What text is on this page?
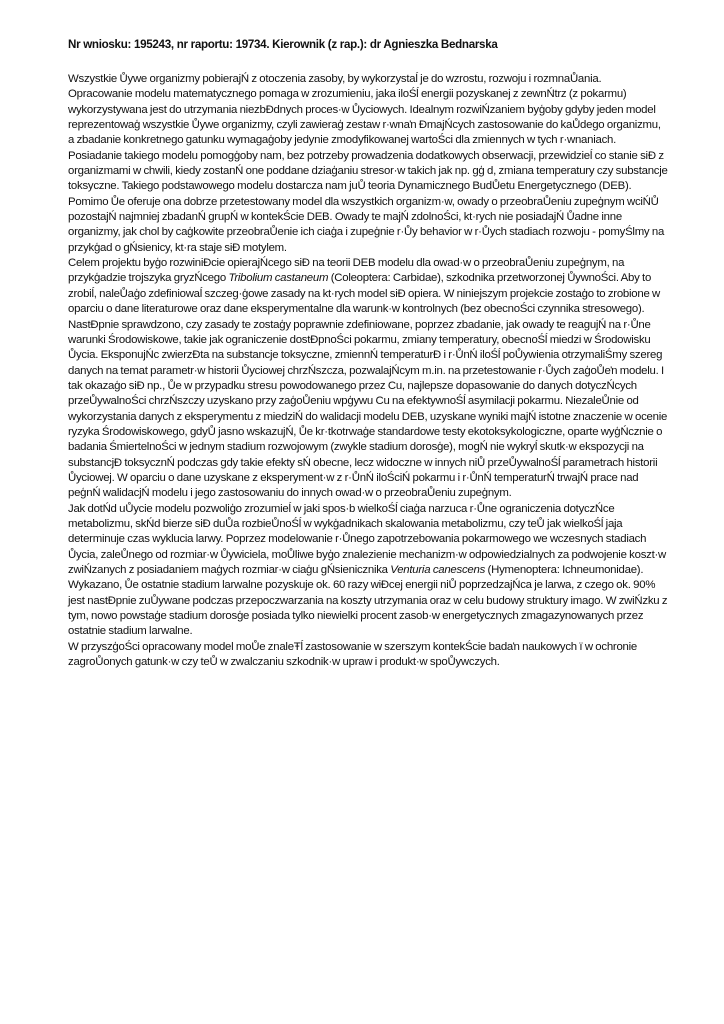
Nr wniosku: 195243, nr raportu: 19734. Kierownik (z rap.): dr Agnieszka Bednarska

Wszystkie Ůywe organizmy pobierajŃ z otoczenia zasoby, by wykorzystaĺ je do wzrostu, rozwoju i rozmnaŮania. Opracowanie modelu matematycznego pomaga w zrozumieniu, jaka iloŚĺ energii pozyskanej z zewnŃtrz (z pokarmu) wykorzystywana jest do utrzymania niezbĐdnych proces·w Ůyciowych. Idealnym rozwiŃzaniem byģoby gdyby jeden model reprezentowaģ wszystkie Ůywe organizmy, czyli zawieraģ zestaw r·wnaŉ ĐmajŃcych zastosowanie do kaŮdego organizmu, a zbadanie konkretnego gatunku wymagaģoby jedynie zmodyfikowanej wartoŚci dla zmiennych w tych r·wnaniach. Posiadanie takiego modelu pomogģoby nam, bez potrzeby prowadzenia dodatkowych obserwacji, przewidzieĺ co stanie siĐ z organizmami w chwili, kiedy zostanŃ one poddane dziaģaniu stresor·w takich jak np. gģ d, zmiana temperatury czy substancje toksyczne. Takiego podstawowego modelu dostarcza nam juŮ teoria Dynamicznego BudŮetu Energetycznego (DEB). Pomimo Ůe oferuje ona dobrze przetestowany model dla wszystkich organizm·w, owady o przeobraŮeniu zupeģnym wciŃŮ pozostajŃ najmniej zbadanŃ grupŃ w kontekŚcie DEB. Owady te majŃ zdolnoŚci, kt·rych nie posiadajŃ Ůadne inne organizmy, jak chol by caģkowite przeobraŮenie ich ciaģa i zupeģnie r·Ůy behavior w r·Ůych stadiach rozwoju - pomyŚlmy na przykģad o gŃsienicy, kt·ra staje siĐ motylem.

Celem projektu byģo rozwiniĐcie opierajŃcego siĐ na teorii DEB modelu dla owad·w o przeobraŮeniu zupeģnym, na przykģadzie trojszyka gryzŃcego Tribolium castaneum (Coleoptera: Carbidae), szkodnika przetworzonej ŮywnoŚci. Aby to zrobiĺ, naleŮaģo zdefiniowaĺ szczeg·ģowe zasady na kt·rych model siĐ opiera. W niniejszym projekcie zostaģo to zrobione w oparciu o dane literaturowe oraz dane eksperymentalne dla warunk·w kontrolnych (bez obecnoŚci czynnika stresowego). NastĐpnie sprawdzono, czy zasady te zostaģy poprawnie zdefiniowane, poprzez zbadanie, jak owady te reagujŃ na r·Ůne warunki Środowiskowe, takie jak ograniczenie dostĐpnoŚci pokarmu, zmiany temperatury, obecnoŚĺ miedzi w Środowisku Ůycia. EksponujŃc zwierzĐta na substancje toksyczne, zmiennŃ temperaturĐ i r·ŮnŃ iloŚĺ poŮywienia otrzymaliŚmy szereg danych na temat parametr·w historii Ůyciowej chrzŃszcza, pozwalajŃcym m.in. na przetestowanie r·Ůych zaģoŮeŉ modelu. I tak okazaģo siĐ np., Ůe w przypadku stresu powodowanego przez Cu, najlepsze dopasowanie do danych dotyczŃcych przeŮywalnoŚci chrzŃszczy uzyskano przy zaģoŮeniu wpģywu Cu na efektywnoŚĺ asymilacji pokarmu. NiezaleŮnie od wykorzystania danych z eksperymentu z miedziŃ do walidacji modelu DEB, uzyskane wyniki majŃ istotne znaczenie w ocenie ryzyka Środowiskowego, gdyŮ jasno wskazujŃ, Ůe kr·tkotrwaģe standardowe testy ekotoksykologiczne, oparte wyģŃcznie o badania ŚmiertelnoŚci w jednym stadium rozwojowym (zwykle stadium dorosģe), mogŃ nie wykryĺ skutk·w ekspozycji na substancjĐ toksycznŃ podczas gdy takie efekty sŃ obecne, lecz widoczne w innych niŮ przeŮywalnoŚĺ parametrach historii Ůyciowej. W oparciu o dane uzyskane z eksperyment·w z r·ŮnŃ iloŚciŃ pokarmu i r·ŮnŃ temperaturŃ trwajŃ prace nad peģnŃ walidacjŃ modelu i jego zastosowaniu do innych owad·w o przeobraŮeniu zupeģnym.

Jak dotŃd uŮycie modelu pozwoliģo zrozumieĺ w jaki spos·b wielkoŚĺ ciaģa narzuca r·Ůne ograniczenia dotyczŃce metabolizmu, skŃd bierze siĐ duŮa rozbieŮnoŚĺ w wykģadnikach skalowania metabolizmu, czy teŮ jak wielkoŚĺ jaja determinuje czas wyklucia larwy. Poprzez modelowanie r·Ůnego zapotrzebowania pokarmowego we wczesnych stadiach Ůycia, zaleŮnego od rozmiar·w Ůywiciela, moŮliwe byģo znalezienie mechanizm·w odpowiedzialnych za podwojenie koszt·w zwiŃzanych z posiadaniem maģych rozmiar·w ciaģu gŃsienicznika Venturia canescens (Hymenoptera: Ichneumonidae). Wykazano, Ůe ostatnie stadium larwalne pozyskuje ok. 60 razy wiĐcej energii niŮ poprzedzajŃca je larwa, z czego ok. 90% jest nastĐpnie zuŮywane podczas przepoczwarzania na koszty utrzymania oraz w celu budowy struktury imago. W zwiŃzku z tym, nowo powstaģe stadium dorosģe posiada tylko niewielki procent zasob·w energetycznych zmagazynowanych przez ostatnie stadium larwalne.

W przyszģoŚci opracowany model moŮe znaleŦĺ zastosowanie w szerszym kontekŚcie badaŉ naukowych ï w ochronie zagroŮonych gatunk·w czy teŮ w zwalczaniu szkodnik·w upraw i produkt·w spoŮywczych.
